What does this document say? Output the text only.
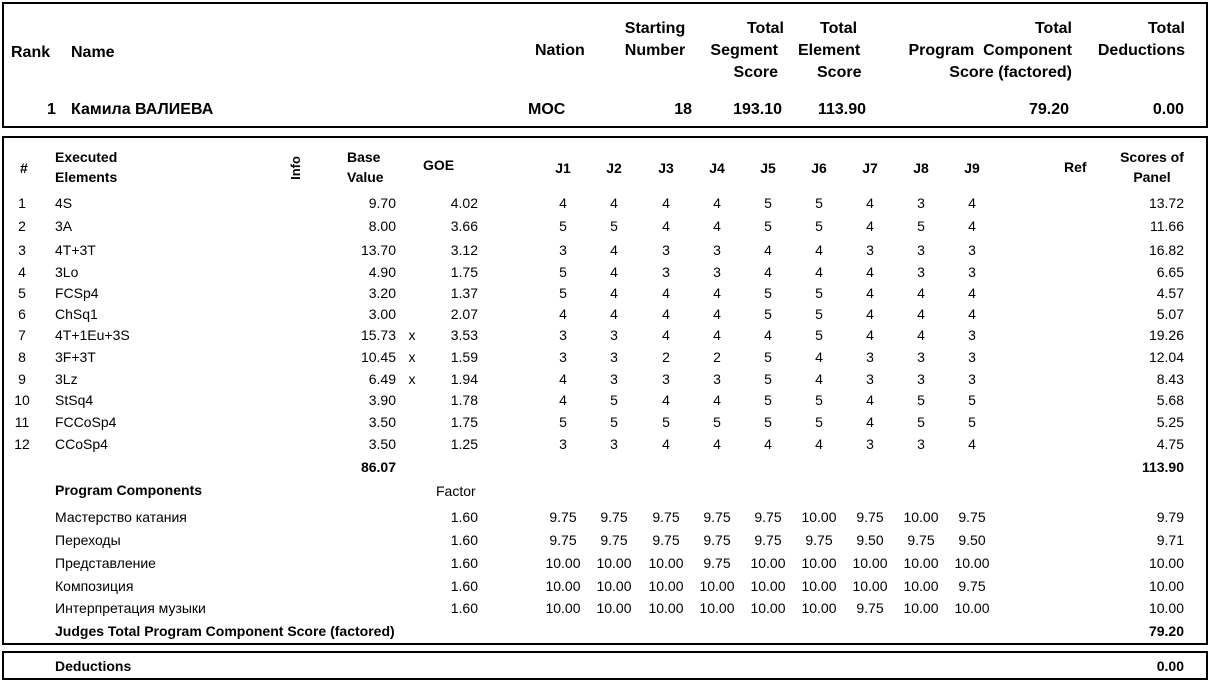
Rank Name	Nation
Starting
Number
Total
Segment
Score
Total
Element
Score
Total
Program  Component
Score (factored)
Total
Deductions
1 Камила ВАЛИЕВА	MOC	18	193.10	113.90	79.20	0.00
#
Executed
Elements	Info	Base
Value
GOE	J1	J2	J3	J4	J5	J6	J7	J8	J9	Ref
Scores of
Panel
1	4S	9.70	4.02	4	4	4	4	5	5	4	3	4	13.72
2	3A	8.00	3.66	5	5	4	4	5	5	4	5	4	11.66
3	4T+3T	13.70	3.12	3	4	3	3	4	4	3	3	3	16.82
4	3Lo	4.90	1.75	5	4	3	3	4	4	4	3	3	6.65
5	FCSp4	3.20	1.37	5	4	4	4	5	5	4	4	4	4.57
6	ChSq1	3.00	2.07	4	4	4	4	5	5	4	4	4	5.07
7	4T+1Eu+3S	15.73 x	3.53	3	3	4	4	4	5	4	4	3	19.26
8	3F+3T	10.45 x	1.59	3	3	2	2	5	4	3	3	3	12.04
9	3Lz	6.49 x	1.94	4	3	3	3	5	4	3	3	3	8.43
10	StSq4	3.90	1.78	4	5	4	4	5	5	4	5	5	5.68
11	FCCoSp4	3.50	1.75	5	5	5	5	5	5	4	5	5	5.25
12	CCoSp4	3.50	1.25	3	3	4	4	4	4	3	3	4	4.75
86.07	113.90
Program Components	Factor
Мастерство катания	1.60	9.75	9.75	9.75	9.75	9.75	10.00	9.75	10.00	9.75	9.79
Переходы	1.60	9.75	9.75	9.75	9.75	9.75	9.75	9.50	9.75	9.50	9.71
Представление	1.60	10.00	10.00	10.00	9.75	10.00	10.00	10.00	10.00	10.00	10.00
Композиция	1.60	10.00	10.00	10.00	10.00	10.00	10.00	10.00	10.00	9.75	10.00
Интерпретация музыки	1.60	10.00	10.00	10.00	10.00	10.00	10.00	9.75	10.00	10.00	10.00
Judges Total Program Component Score (factored)	79.20
Deductions	0.00
